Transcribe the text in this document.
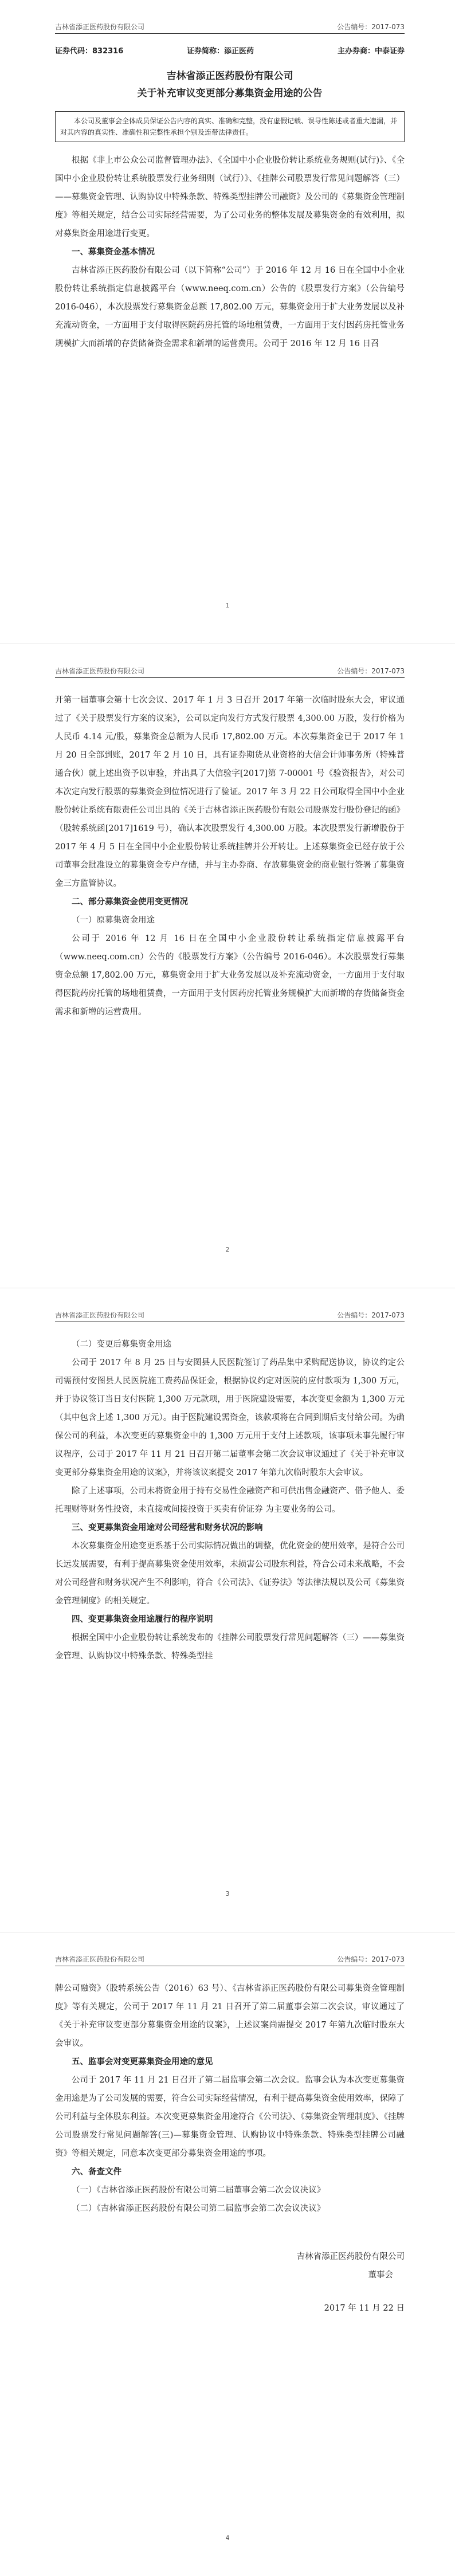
吉林省添正医药股份有限公司	公告编号：2017-073
证券代码：832316	证券简称：添正医药	主办券商：中泰证券

吉林省添正医药股份有限公司

关于补充审议变更部分募集资金用途的公告

本公司及董事会全体成员保证公告内容的真实、准确和完整，没有虚假记载、误导性陈述或者重大遗漏，并对其内容的真实性、准确性和完整性承担个别及连带法律责任。

根据《非上市公众公司监督管理办法》、《全国中小企业股份转让系统业务规则(试行)》、《全国中小企业股份转让系统股票发行业务细则（试行）》、《挂牌公司股票发行常见问题解答（三）——募集资金管理、认购协议中特殊条款、特殊类型挂牌公司融资》及公司的《募集资金管理制度》等相关规定，结合公司实际经营需要，为了公司业务的整体发展及募集资金的有效利用，拟对募集资金用途进行变更。

一、募集资金基本情况

吉林省添正医药股份有限公司（以下简称“公司”）于 2016 年 12 月 16 日在全国中小企业股份转让系统指定信息披露平台（www.neeq.com.cn）公告的《股票发行方案》（公告编号 2016-046），本次股票发行募集资金总额 17,802.00 万元，募集资金用于扩大业务发展以及补充流动资金，一方面用于支付取得医院药房托管的场地租赁费，一方面用于支付因药房托管业务规模扩大而新增的存货储备资金需求和新增的运营费用。公司于 2016 年 12 月 16 日召

1
吉林省添正医药股份有限公司	公告编号：2017-073

开第一届董事会第十七次会议、2017 年 1 月 3 日召开 2017 年第一次临时股东大会，审议通过了《关于股票发行方案的议案》，公司以定向发行方式发行股票 4,300.00 万股，发行价格为人民币 4.14 元/股，募集资金总额为人民币 17,802.00 万元。本次募集资金已于 2017 年 1 月 20 日全部到账，2017 年 2 月 10 日，具有证券期货从业资格的大信会计师事务所（特殊普通合伙）就上述出资予以审验，并出具了大信验字[2017]第 7-00001 号《验资报告》，对公司本次定向发行股票的募集资金到位情况进行了验证。2017 年 3 月 22 日公司取得全国中小企业股份转让系统有限责任公司出具的《关于吉林省添正医药股份有限公司股票发行股份登记的函》（股转系统函[2017]1619 号），确认本次股票发行 4,300.00 万股。本次股票发行新增股份于 2017 年 4 月 5 日在全国中小企业股份转让系统挂牌并公开转让。上述募集资金已经存放于公司董事会批准设立的募集资金专户存储，并与主办券商、存放募集资金的商业银行签署了募集资金三方监管协议。

二、部分募集资金使用变更情况

（一）原募集资金用途

公司于 2016 年 12 月 16 日在全国中小企业股份转让系统指定信息披露平台（www.neeq.com.cn）公告的《股票发行方案》（公告编号 2016-046）。本次股票发行募集资金总额 17,802.00 万元，募集资金用于扩大业务发展以及补充流动资金，一方面用于支付取得医院药房托管的场地租赁费，一方面用于支付因药房托管业务规模扩大而新增的存货储备资金需求和新增的运营费用。

2
吉林省添正医药股份有限公司	公告编号：2017-073

（二）变更后募集资金用途

公司于 2017 年 8 月 25 日与安图县人民医院签订了药品集中采购配送协议，协议约定公司需预付安图县人民医院施工费药品保证金，根据协议约定对医院的应付款项为 1,300 万元，并于协议签订当日支付医院 1,300 万元款项，用于医院建设需要，本次变更金额为 1,300 万元（其中包含上述 1,300 万元）。由于医院建设需资金，该款项将在合同到期后支付给公司。为确保公司的利益，本次变更的募集资金中的 1,300 万元用于支付上述款项，该事项未事先履行审议程序，公司于 2017 年 11 月 21 日召开第二届董事会第二次会议审议通过了《关于补充审议变更部分募集资金用途的议案》，并将该议案提交 2017 年第九次临时股东大会审议。

除了上述事项，公司未将资金用于持有交易性金融资产和可供出售金融资产、借予他人、委托理财等财务性投资，未直接或间接投资于买卖有价证券 为主要业务的公司。

三、变更募集资金用途对公司经营和财务状况的影响

本次募集资金用途变更系基于公司实际情况做出的调整，优化资金的使用效率，是符合公司长远发展需要，有利于提高募集资金使用效率，未损害公司股东利益，符合公司未来战略，不会对公司经营和财务状况产生不利影响，符合《公司法》、《证券法》等法律法规以及公司《募集资金管理制度》的相关规定。

四、变更募集资金用途履行的程序说明

根据全国中小企业股份转让系统发布的《挂牌公司股票发行常见问题解答（三）——募集资金管理、认购协议中特殊条款、特殊类型挂

3
吉林省添正医药股份有限公司	公告编号：2017-073

牌公司融资》（股转系统公告（2016）63 号）、《吉林省添正医药股份有限公司募集资金管理制度》等有关规定，公司于 2017 年 11 月 21 日召开了第二届董事会第二次会议，审议通过了《关于补充审议变更部分募集资金用途的议案》，上述议案尚需提交 2017 年第九次临时股东大会审议。

五、监事会对变更募集资金用途的意见

公司于 2017 年 11 月 21 日召开了第二届监事会第二次会议。监事会认为本次变更募集资金用途是为了公司发展的需要，符合公司实际经营情况，有利于提高募集资金使用效率，保障了公司利益与全体股东利益。本次变更募集资金用途符合《公司法》、《募集资金管理制度》、《挂牌公司股票发行常见问题解答(三)—募集资金管理、认购协议中特殊条款、特殊类型挂牌公司融资》等相关规定，同意本次变更部分募集资金用途的事项。

六、备查文件

（一）《吉林省添正医药股份有限公司第二届董事会第二次会议决议》

（二）《吉林省添正医药股份有限公司第二届监事会第二次会议决议》

吉林省添正医药股份有限公司

董事会

2017 年 11 月 22 日

4
